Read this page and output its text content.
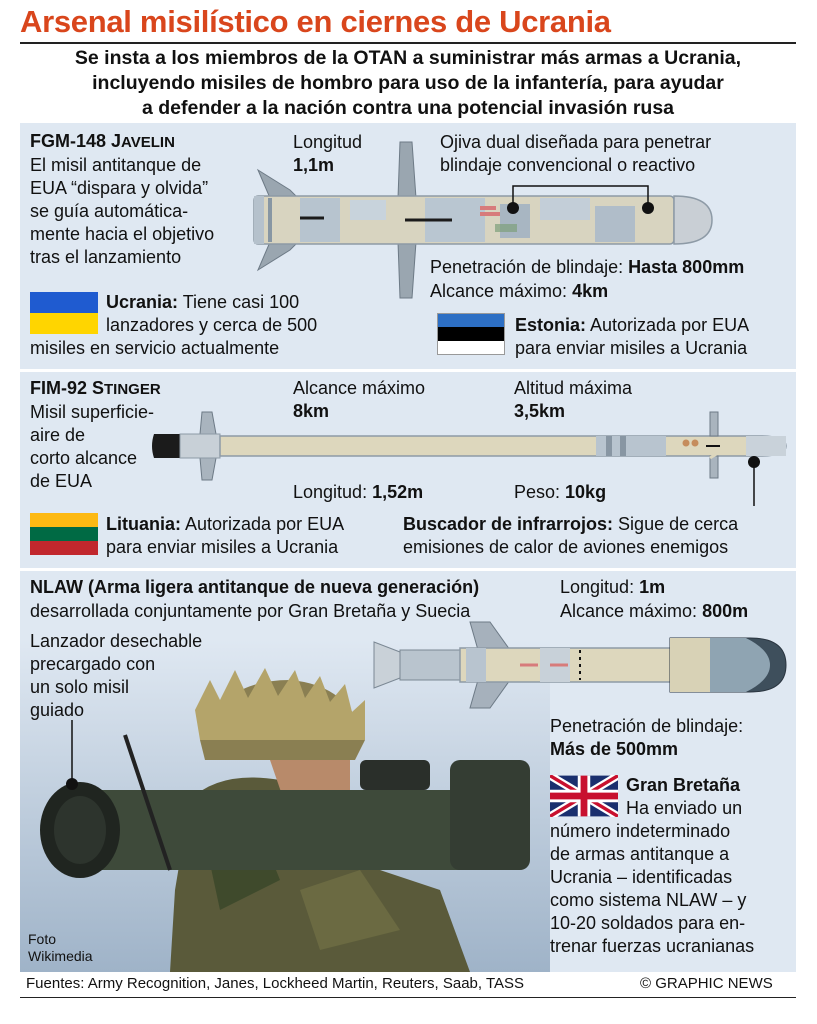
Arsenal misilístico en ciernes de Ucrania
Se insta a los miembros de la OTAN a suministrar más armas a Ucrania,
incluyendo misiles de hombro para uso de la infantería, para ayudar
a defender a la nación contra una potencial invasión rusa
FGM-148 JAVELIN
El misil antitanque de
EUA “dispara y olvida”
se guía automática-
mente hacia el objetivo
tras el lanzamiento
Longitud
1,1m
Ojiva dual diseñada para penetrar
blindaje convencional o reactivo
Penetración de blindaje: Hasta 800mm
Alcance máximo: 4km
Ucrania: Tiene casi 100
lanzadores y cerca de 500
misiles en servicio actualmente
Estonia: Autorizada por EUA
para enviar misiles a Ucrania
FIM-92 STINGER
Misil superficie-
aire de
corto alcance
de EUA
Alcance máximo
8km
Altitud máxima
3,5km
Longitud: 1,52m	Peso: 10kg
Lituania: Autorizada por EUA
para enviar misiles a Ucrania
Buscador de infrarrojos: Sigue de cerca
emisiones de calor de aviones enemigos
NLAW (Arma ligera antitanque de nueva generación)
desarrollada conjuntamente por Gran Bretaña y Suecia
Longitud: 1m
Alcance máximo: 800m
Lanzador desechable
precargado con
un solo misil
guiado
Penetración de blindaje:
Más de 500mm
Gran Bretaña
Ha enviado un
número indeterminado
de armas antitanque a
Ucrania – identificadas
como sistema NLAW – y
10-20 soldados para en-
trenar fuerzas ucranianas
Foto
Wikimedia
Fuentes: Army Recognition, Janes, Lockheed Martin, Reuters, Saab, TASS	© GRAPHIC NEWS
